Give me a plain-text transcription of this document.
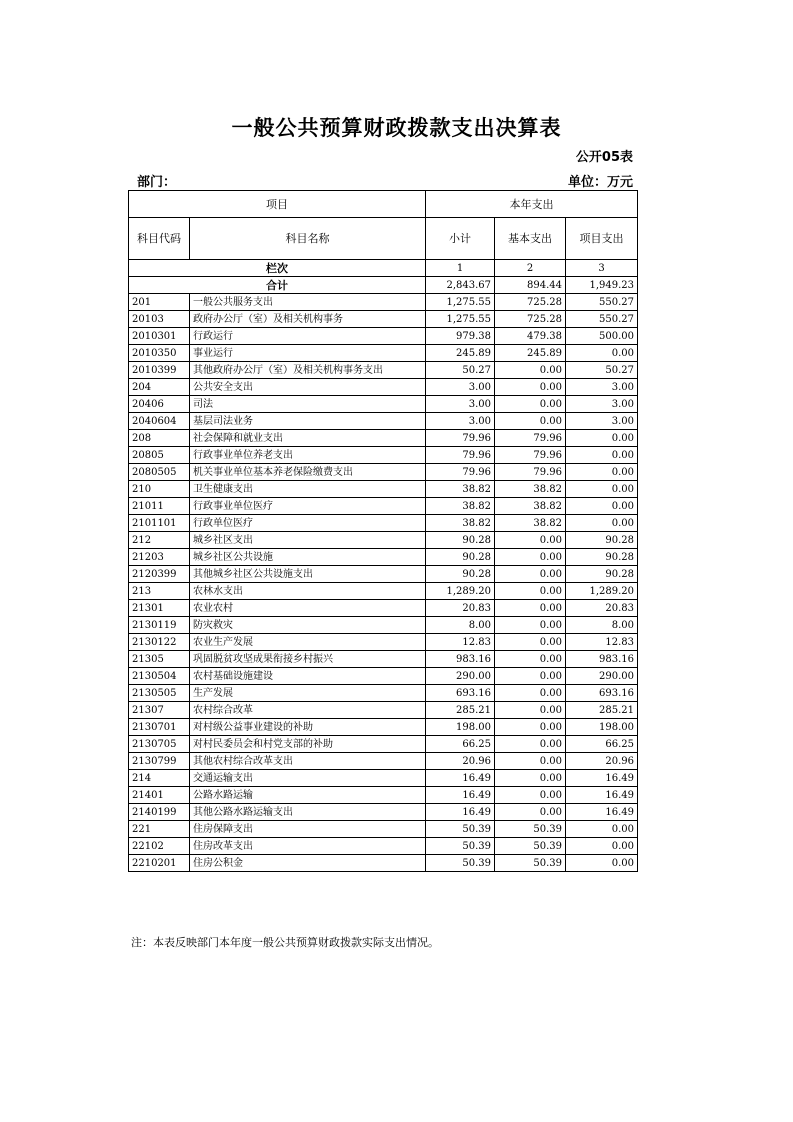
一般公共预算财政拨款支出决算表
公开05表
部门：	单位：万元
项目		本年支出		
科目代码	科目名称	小计	基本支出	项目支出
栏次		1	2	3
合计		2,843.67	894.44	1,949.23
201	一般公共服务支出	1,275.55	725.28	550.27
20103	政府办公厅（室）及相关机构事务	1,275.55	725.28	550.27
2010301	行政运行	979.38	479.38	500.00
2010350	事业运行	245.89	245.89	0.00
2010399	其他政府办公厅（室）及相关机构事务支出	50.27	0.00	50.27
204	公共安全支出	3.00	0.00	3.00
20406	司法	3.00	0.00	3.00
2040604	基层司法业务	3.00	0.00	3.00
208	社会保障和就业支出	79.96	79.96	0.00
20805	行政事业单位养老支出	79.96	79.96	0.00
2080505	机关事业单位基本养老保险缴费支出	79.96	79.96	0.00
210	卫生健康支出	38.82	38.82	0.00
21011	行政事业单位医疗	38.82	38.82	0.00
2101101	行政单位医疗	38.82	38.82	0.00
212	城乡社区支出	90.28	0.00	90.28
21203	城乡社区公共设施	90.28	0.00	90.28
2120399	其他城乡社区公共设施支出	90.28	0.00	90.28
213	农林水支出	1,289.20	0.00	1,289.20
21301	农业农村	20.83	0.00	20.83
2130119	防灾救灾	8.00	0.00	8.00
2130122	农业生产发展	12.83	0.00	12.83
21305	巩固脱贫攻坚成果衔接乡村振兴	983.16	0.00	983.16
2130504	农村基础设施建设	290.00	0.00	290.00
2130505	生产发展	693.16	0.00	693.16
21307	农村综合改革	285.21	0.00	285.21
2130701	对村级公益事业建设的补助	198.00	0.00	198.00
2130705	对村民委员会和村党支部的补助	66.25	0.00	66.25
2130799	其他农村综合改革支出	20.96	0.00	20.96
214	交通运输支出	16.49	0.00	16.49
21401	公路水路运输	16.49	0.00	16.49
2140199	其他公路水路运输支出	16.49	0.00	16.49
221	住房保障支出	50.39	50.39	0.00
22102	住房改革支出	50.39	50.39	0.00
2210201	住房公积金	50.39	50.39	0.00
注：本表反映部门本年度一般公共预算财政拨款实际支出情况。
